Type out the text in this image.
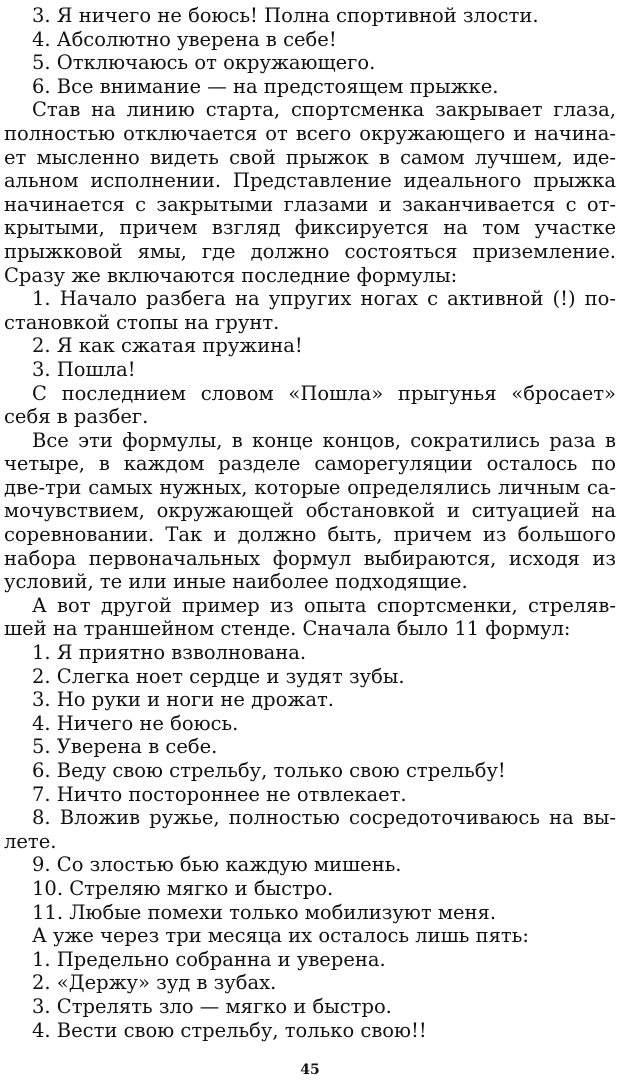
3. Я ничего не боюсь! Полна спортивной злости.
4. Абсолютно уверена в себе!
5. Отключаюсь от окружающего.
6. Все внимание — на предстоящем прыжке.
Став на линию старта, спортсменка закрывает глаза,
полностью отключается от всего окружающего и начина-
ет мысленно видеть свой прыжок в самом лучшем, иде-
альном исполнении. Представление идеального прыжка
начинается с закрытыми глазами и заканчивается с от-
крытыми, причем взгляд фиксируется на том участке
прыжковой ямы, где должно состояться приземление.
Сразу же включаются последние формулы:
1. Начало разбега на упругих ногах с активной (!) по-
становкой стопы на грунт.
2. Я как сжатая пружина!
3. Пошла!
С последнием словом «Пошла» прыгунья «бросает»
себя в разбег.
Все эти формулы, в конце концов, сократились раза в
четыре, в каждом разделе саморегуляции осталось по
две-три самых нужных, которые определялись личным са-
мочувствием, окружающей обстановкой и ситуацией на
соревновании. Так и должно быть, причем из большого
набора первоначальных формул выбираются, исходя из
условий, те или иные наиболее подходящие.
А вот другой пример из опыта спортсменки, стреляв-
шей на траншейном стенде. Сначала было 11 формул:
1. Я приятно взволнована.
2. Слегка ноет сердце и зудят зубы.
3. Но руки и ноги не дрожат.
4. Ничего не боюсь.
5. Уверена в себе.
6. Веду свою стрельбу, только свою стрельбу!
7. Ничто постороннее не отвлекает.
8. Вложив ружье, полностью сосредоточиваюсь на вы-
лете.
9. Со злостью бью каждую мишень.
10. Стреляю мягко и быстро.
11. Любые помехи только мобилизуют меня.
А уже через три месяца их осталось лишь пять:
1. Предельно собранна и уверена.
2. «Держу» зуд в зубах.
3. Стрелять зло — мягко и быстро.
4. Вести свою стрельбу, только свою!!
45
